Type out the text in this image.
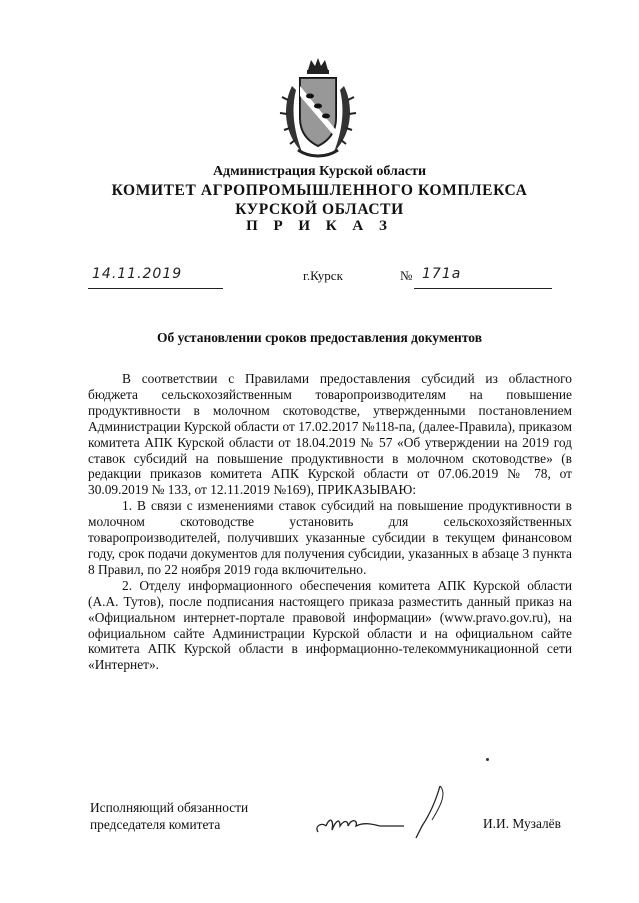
Администрация Курской области
КОМИТЕТ АГРОПРОМЫШЛЕННОГО КОМПЛЕКСА
КУРСКОЙ ОБЛАСТИ
П Р И К А З
14.11.2019	г.Курск	№ 171а
Об установлении сроков предоставления документов

В соответствии с Правилами предоставления субсидий из областного бюджета сельскохозяйственным товаропроизводителям на повышение продуктивности в молочном скотоводстве, утвержденными постановлением Администрации Курской области от 17.02.2017 №118-па, (далее-Правила), приказом комитета АПК Курской области от 18.04.2019 № 57 «Об утверждении на 2019 год ставок субсидий на повышение продуктивности в молочном скотоводстве» (в редакции приказов комитета АПК Курской области от 07.06.2019 № 78, от 30.09.2019 № 133, от 12.11.2019 №169), ПРИКАЗЫВАЮ:

1. В связи с изменениями ставок субсидий на повышение продуктивности в молочном скотоводстве установить для сельскохозяйственных товаропроизводителей, получивших указанные субсидии в текущем финансовом году, срок подачи документов для получения субсидии, указанных в абзаце 3 пункта 8 Правил, по 22 ноября 2019 года включительно.

2. Отделу информационного обеспечения комитета АПК Курской области (А.А. Тутов), после подписания настоящего приказа разместить данный приказ на «Официальном интернет-портале правовой информации» (www.pravo.gov.ru), на официальном сайте Администрации Курской области и на официальном сайте комитета АПК Курской области в информационно-телекоммуникационной сети «Интернет».

Исполняющий обязанности
председателя комитета	И.И. Музалёв
